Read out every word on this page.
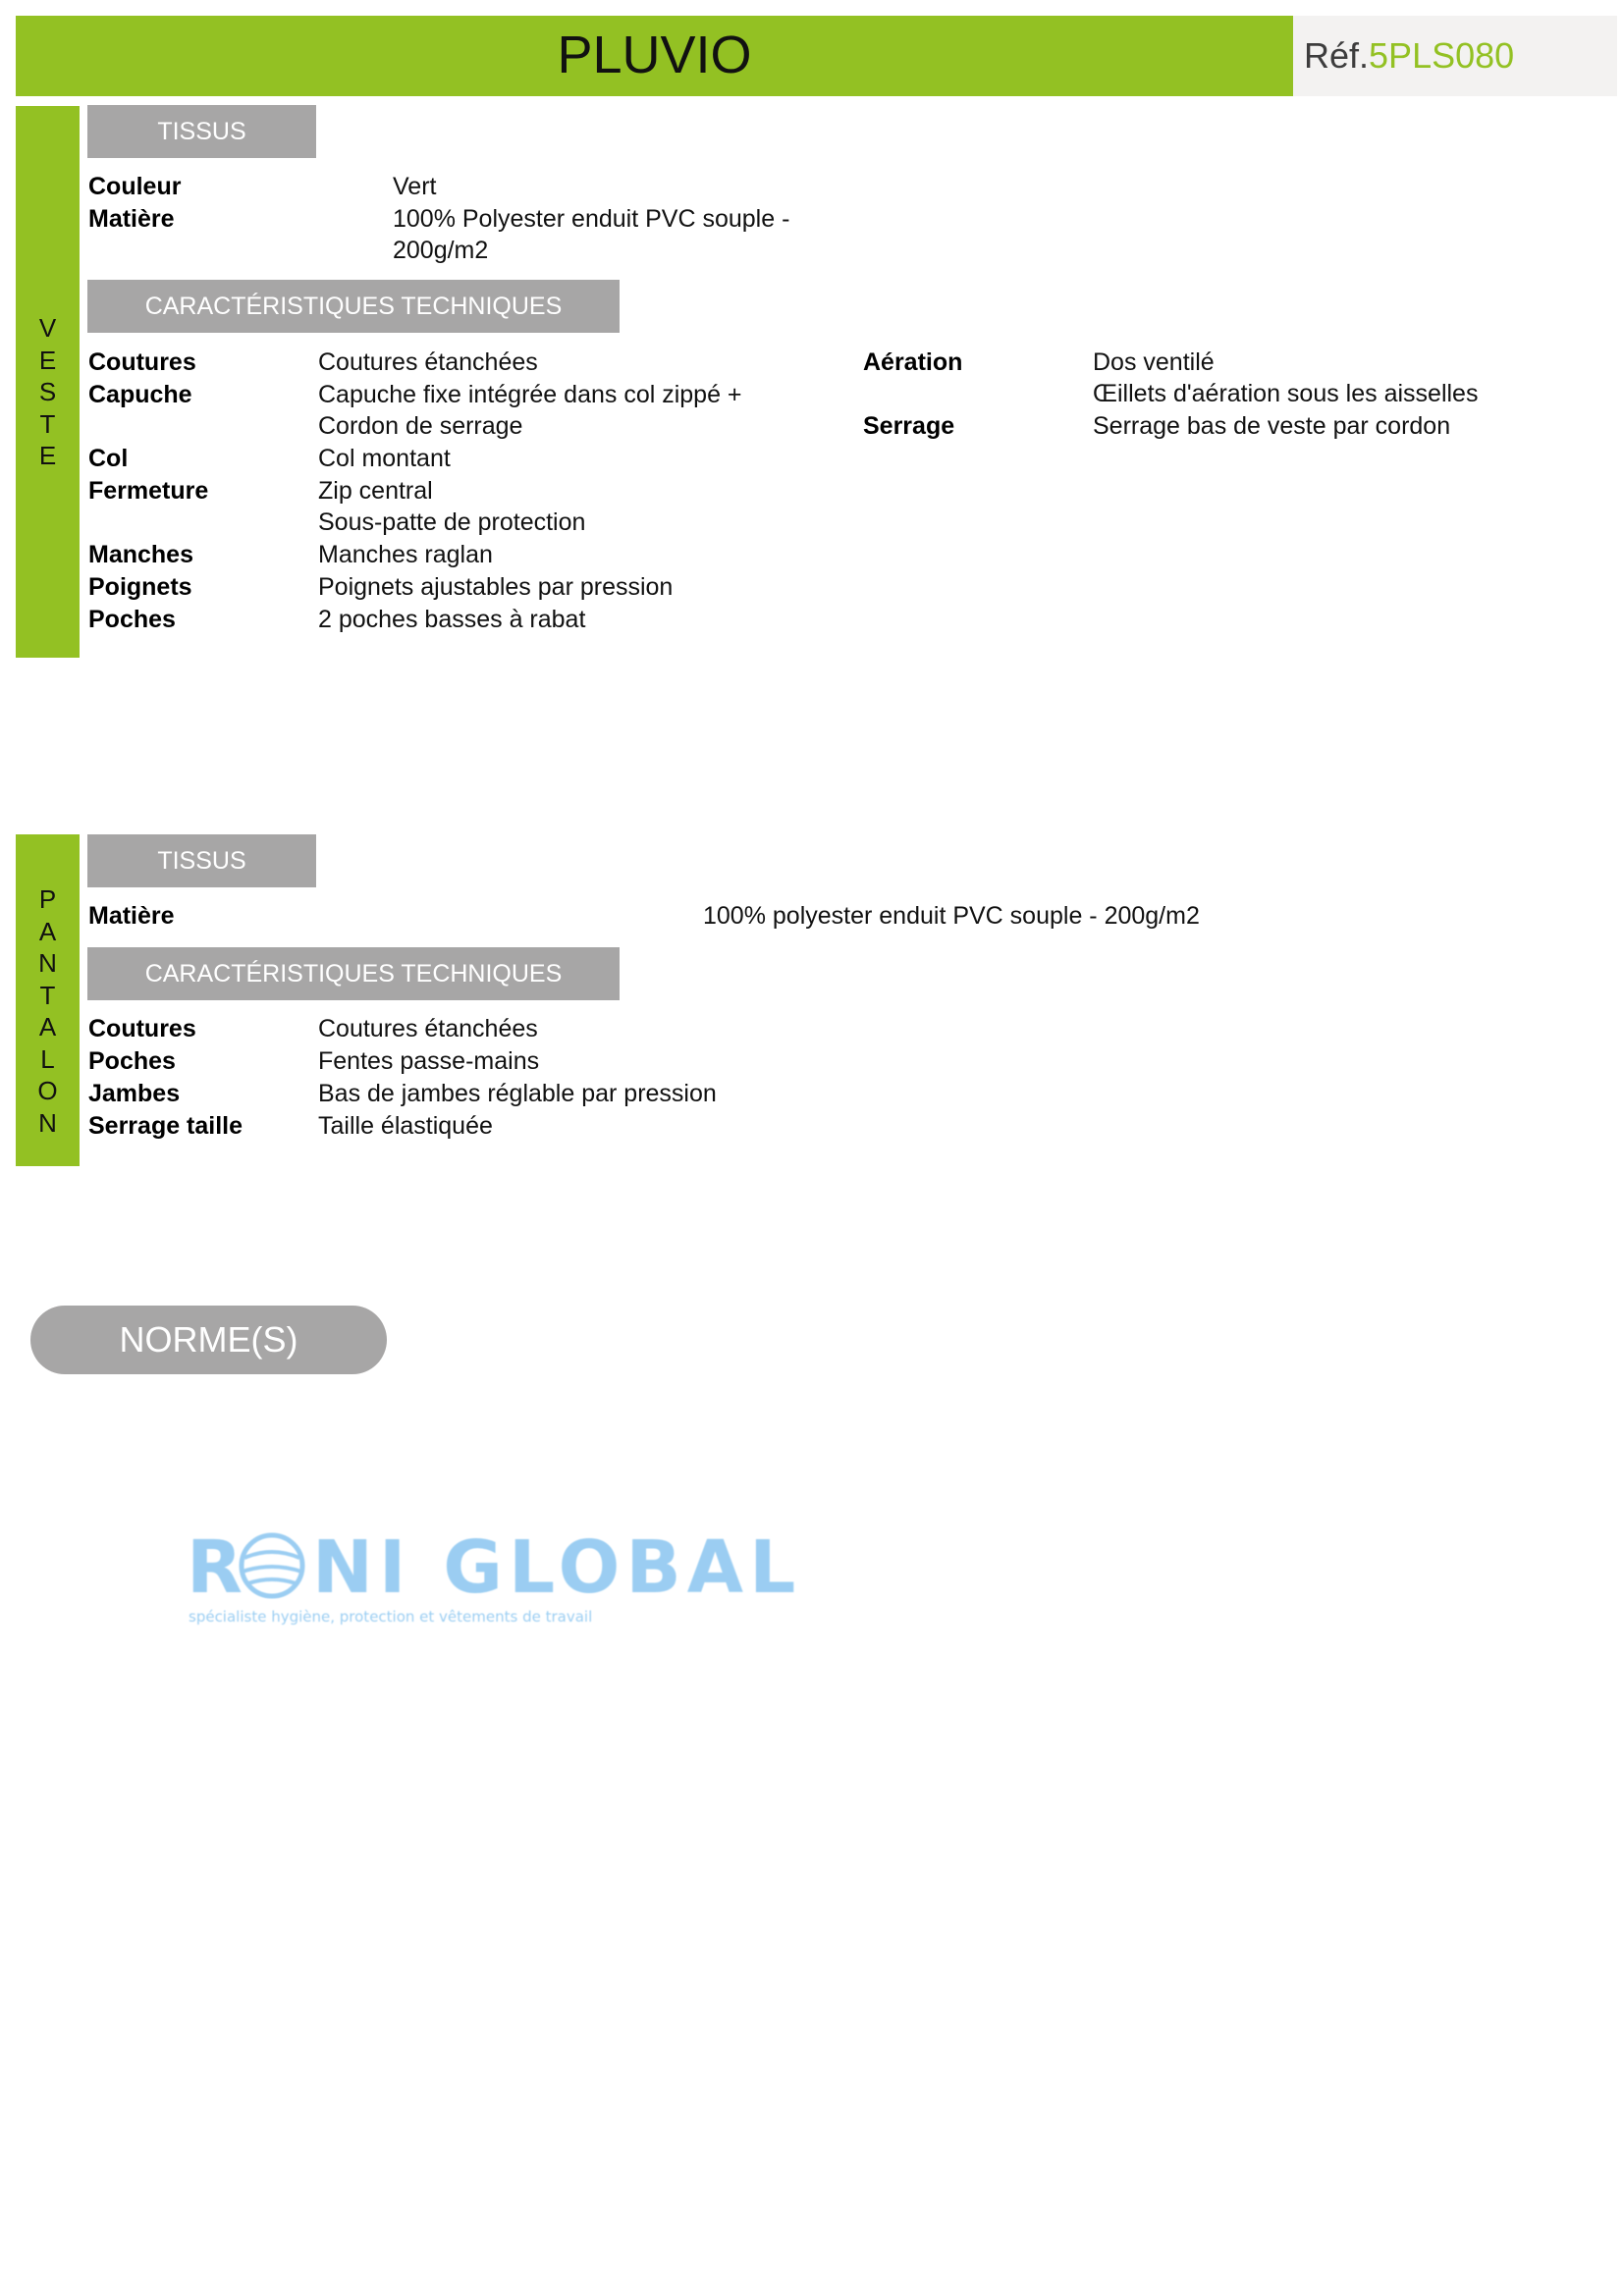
PLUVIO	Réf.5PLS080
V
E
S
T
E
TISSUS
Couleur	Vert
Matière	100% Polyester enduit PVC souple -
200g/m2
CARACTÉRISTIQUES TECHNIQUES
Coutures	Coutures étanchées
Capuche	Capuche fixe intégrée dans col zippé +
Cordon de serrage
Col	Col montant
Fermeture	Zip central
Sous-patte de protection
Manches	Manches raglan
Poignets	Poignets ajustables par pression
Poches	2 poches basses à rabat
Aération	Dos ventilé
Œillets d'aération sous les aisselles
Serrage	Serrage bas de veste par cordon
P
A
N
T
A
L
O
N
TISSUS
Matière	100% polyester enduit PVC souple - 200g/m2
CARACTÉRISTIQUES TECHNIQUES
Coutures	Coutures étanchées
Poches	Fentes passe-mains
Jambes	Bas de jambes réglable par pression
Serrage taille	Taille élastiquée
NORME(S)
R NI GLOBAL
spécialiste hygiène, protection et vêtements de travail
